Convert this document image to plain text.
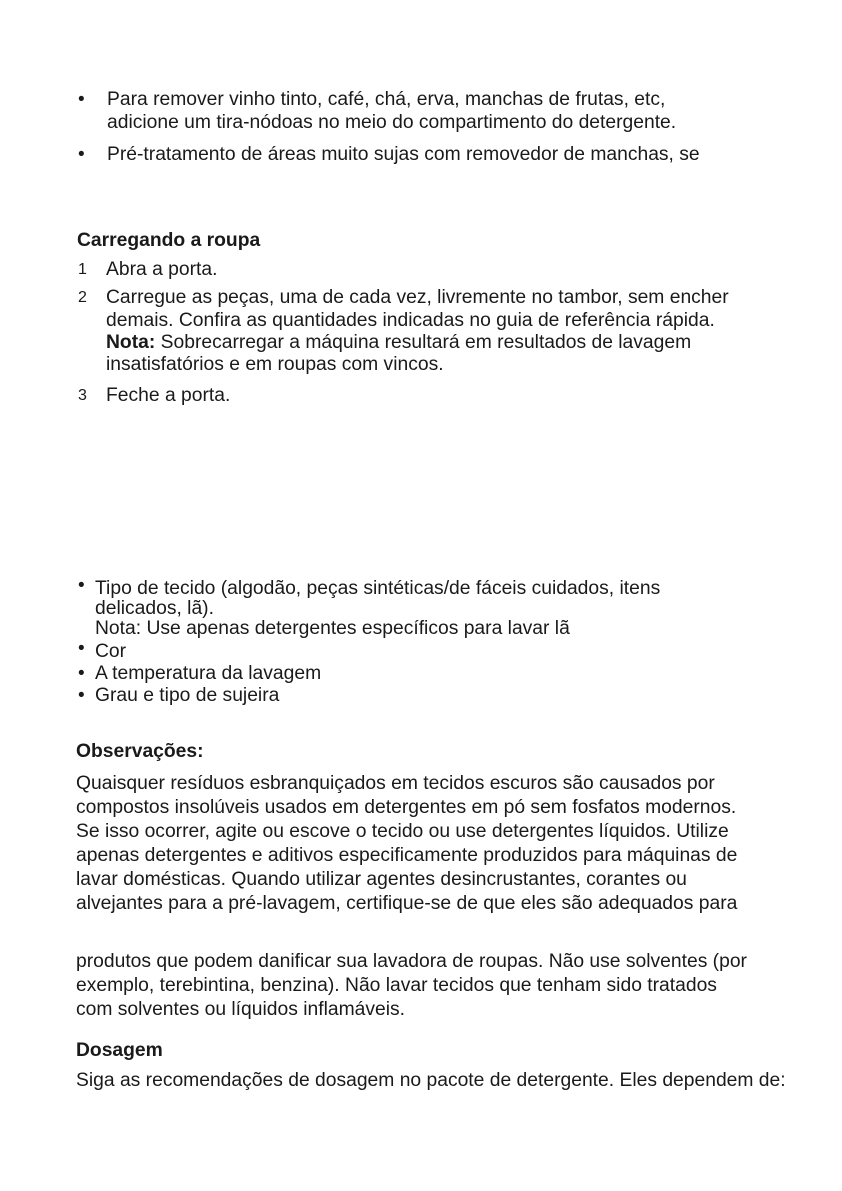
• Para remover vinho tinto, café, chá, erva, manchas de frutas, etc,
adicione um tira-nódoas no meio do compartimento do detergente.
• Pré-tratamento de áreas muito sujas com removedor de manchas, se
Carregando a roupa
1 Abra a porta.
2 Carregue as peças, uma de cada vez, livremente no tambor, sem encher
demais. Confira as quantidades indicadas no guia de referência rápida.
Nota: Sobrecarregar a máquina resultará em resultados de lavagem
insatisfatórios e em roupas com vincos.
3 Feche a porta.
• Tipo de tecido (algodão, peças sintéticas/de fáceis cuidados, itens
delicados, lã).
Nota: Use apenas detergentes específicos para lavar lã
• Cor
• A temperatura da lavagem
• Grau e tipo de sujeira
Observações:
Quaisquer resíduos esbranquiçados em tecidos escuros são causados por
compostos insolúveis usados em detergentes em pó sem fosfatos modernos.
Se isso ocorrer, agite ou escove o tecido ou use detergentes líquidos. Utilize
apenas detergentes e aditivos especificamente produzidos para máquinas de
lavar domésticas. Quando utilizar agentes desincrustantes, corantes ou
alvejantes para a pré-lavagem, certifique-se de que eles são adequados para
produtos que podem danificar sua lavadora de roupas. Não use solventes (por
exemplo, terebintina, benzina). Não lavar tecidos que tenham sido tratados
com solventes ou líquidos inflamáveis.
Dosagem
Siga as recomendações de dosagem no pacote de detergente. Eles dependem de:
